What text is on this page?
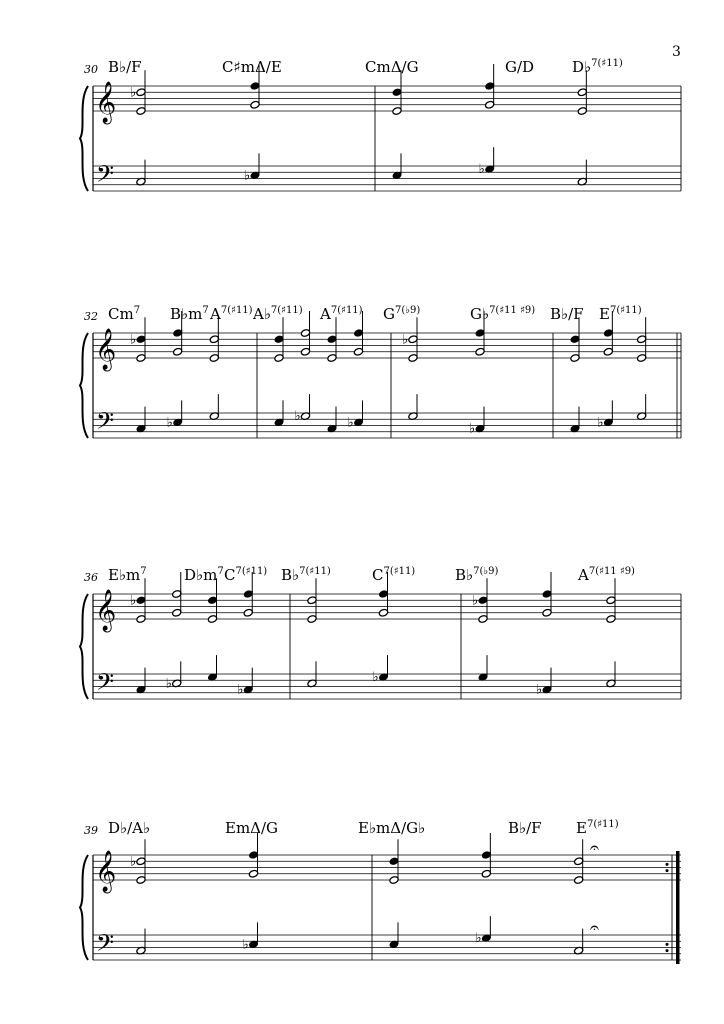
3
𝄞
𝄢
30 B♭/F	C♯mΔ/E	CmΔ/G	G/D	D♭$^{7(♯11)}$
♭
♭	♭
𝄞
𝄢
32 Cm$^7$ $B♭m^7$ $A^{7(♯11)}$ A♭$^{7(♯11)}$ $A^{7(♯11)}$ $G^{7(♭9)}$	G♭$^{7(♯11 ♯9)}$ B♭/F $E^{7(♯11)}$
♭
♭	♭	♭
♭
♭	♭
𝄞
𝄢
36 $E♭m^7$ $D♭m^7$ $C^{7(♯11)}$ B♭$^{7(♯11)}$	$C^{7(♯11)}$	B♭$^{7(♭9)}$	$A^{7(♯11 ♯9)}$
♭
♭	♭
♭
♭
♭
𝄞
𝄢
39 D♭/A♭	EmΔ/G	E♭mΔ/G♭	B♭/F $E^{7(♯11)}$
♭
♭	♭
𝄐
𝄐
